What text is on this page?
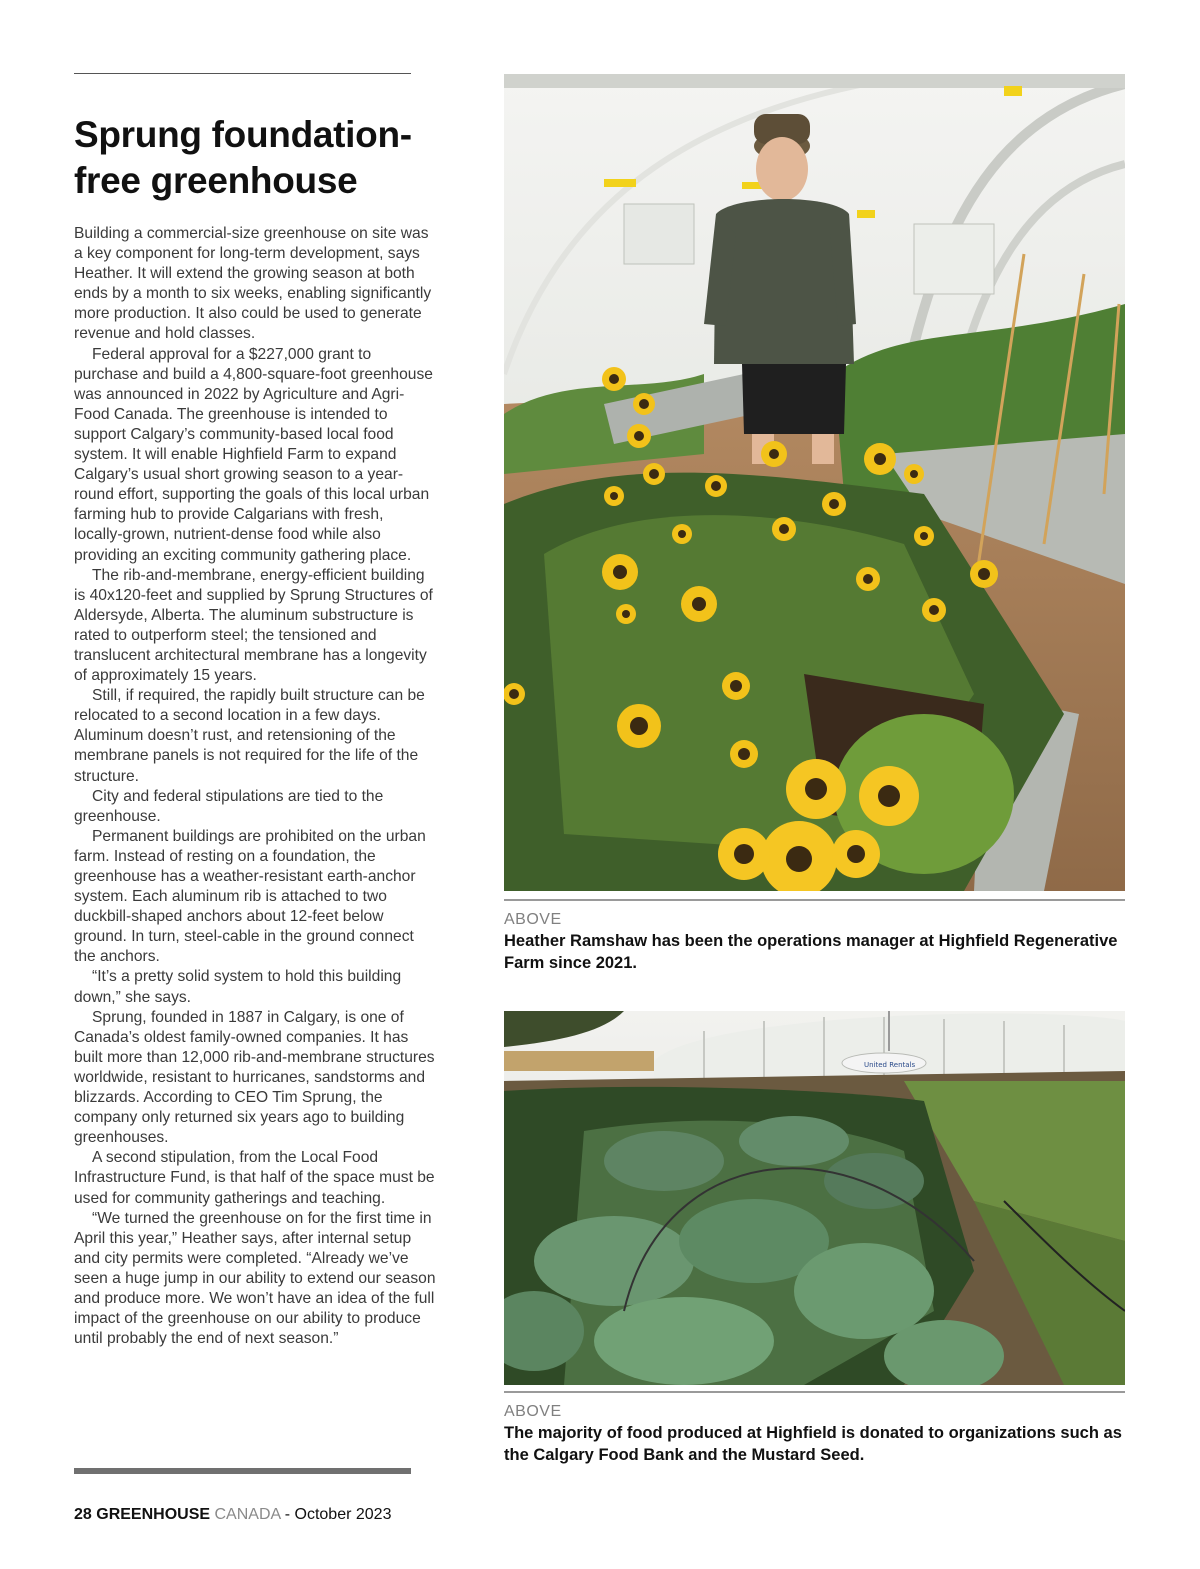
Sprung foundation-free greenhouse

Building a commercial-size greenhouse on site was a key component for long-term development, says Heather. It will extend the growing season at both ends by a month to six weeks, enabling significantly more production. It also could be used to generate revenue and hold classes.

Federal approval for a $227,000 grant to purchase and build a 4,800-square-foot greenhouse was announced in 2022 by Agriculture and Agri-Food Canada. The greenhouse is intended to support Calgary’s community-based local food system. It will enable Highfield Farm to expand Calgary’s usual short growing season to a year-round effort, supporting the goals of this local urban farming hub to provide Calgarians with fresh, locally-grown, nutrient-dense food while also providing an exciting community gathering place.

The rib-and-membrane, energy-efficient building is 40x120-feet and supplied by Sprung Structures of Aldersyde, Alberta. The aluminum substructure is rated to outperform steel; the tensioned and translucent architectural membrane has a longevity of approximately 15 years.

Still, if required, the rapidly built structure can be relocated to a second location in a few days. Aluminum doesn’t rust, and retensioning of the membrane panels is not required for the life of the structure.

City and federal stipulations are tied to the greenhouse.

Permanent buildings are prohibited on the urban farm. Instead of resting on a foundation, the greenhouse has a weather-resistant earth-anchor system. Each aluminum rib is attached to two duckbill-shaped anchors about 12-feet below ground. In turn, steel-cable in the ground connect the anchors.

“It’s a pretty solid system to hold this building down,” she says.

Sprung, founded in 1887 in Calgary, is one of Canada’s oldest family-owned companies. It has built more than 12,000 rib-and-membrane structures worldwide, resistant to hurricanes, sandstorms and blizzards. According to CEO Tim Sprung, the company only returned six years ago to building greenhouses.

A second stipulation, from the Local Food Infrastructure Fund, is that half of the space must be used for community gatherings and teaching.

“We turned the greenhouse on for the first time in April this year,” Heather says, after internal setup and city permits were completed. “Already we’ve seen a huge jump in our ability to extend our season and produce more. We won’t have an idea of the full impact of the greenhouse on our ability to produce until probably the end of next season.”

28 GREENHOUSE CANADA - October 2023
ABOVE
Heather Ramshaw has been the operations manager at Highfield Regenerative Farm since 2021.
United Rentals
ABOVE
The majority of food produced at Highfield is donated to organizations such as the Calgary Food Bank and the Mustard Seed.
